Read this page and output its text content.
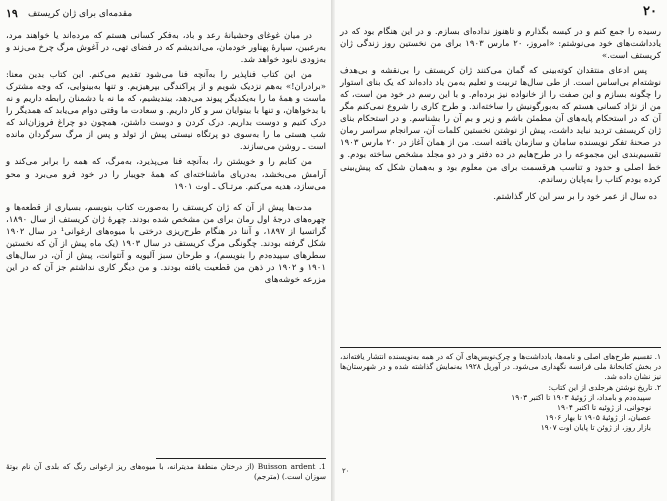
۱۹ مقدمه‌ای برای ژان کریستف

در میان غوغای وحشیانهٔ رعد و باد، به‌فکر کسانی هستم که مرده‌اند یا خواهند مرد، به‌رعبین، سپارهٔ پهناور خودمان، می‌اندیشم که در فضای تهی، در آغوش مرگ چرخ می‌زند و به‌زودی نابود خواهد شد.

من این کتاب فناپذیر را به‌آنچه فنا می‌شود تقدیم می‌کنم. این کتاب بدین معنا: «برادران!» به‌هم نزدیک شویم و از پراکندگی بپرهیزیم. و تنها به‌بینوایی، که وجه مشترک ماست و همهٔ ما را به‌یکدیگر پیوند می‌دهد، بیندیشیم، که ما نه با دشمنان رابطه داریم و نه با بدخواهان، و تنها با بینوایان سر و کار داریم. و سعادت ما وقتی دوام می‌یابد که همدیگر را درک کنیم و دوست بداریم. درک کردن و دوست داشتن، همچون دو چراغ فروزان‌اند که شب هستی ما را به‌سوی دو پرتگاه نیستی پیش از تولد و پس از مرگ سرگردان مانده است ـ روشن می‌سازند.

من کتابم را و خویشتن را، به‌آنچه فنا می‌پذیرد، به‌مرگ، که همه را برابر می‌کند و آرامش می‌بخشد، به‌دریای ماشناخته‌ای که همهٔ جویبار را در خود فرو می‌برد و محو می‌سازد، هدیه می‌کنم. مرتـاک ـ اوت ۱۹۰۱

مدت‌ها پیش از آن که ژان کریستف را به‌صورت کتاب بنویسم، بسیاری از قطعه‌ها و چهره‌های درجهٔ اول رمان برای من مشخص شده بودند. چهرهٔ ژان کریستف از سال ۱۸۹۰، گراتسیا از ۱۸۹۷، و آننا در هنگام طرح‌ریزی درختی با میوه‌های ارغوانی¹ در سال ۱۹۰۲ شکل گرفته بودند. چگونگی مرگ کریستف در سال ۱۹۰۳ (یک ماه پیش از آن که نخستین سطرهای سپیده‌دم را بنویسم)، و طرحان سبز آلیویه و آتتوانت، پیش از آن، در سال‌های ۱۹۰۱ و ۱۹۰۲ در ذهن من قطعیت یافته بودند. و من دیگر کاری نداشتم جز آن که در این مزرعه خوشه‌های

1. Buisson ardent (از درختان منطقهٔ مدیترانه، با میوه‌های ریز ارغوانی رنگ که بلدی آن نام بوتهٔ سوزان است.) (مترجم)

۲۰

رسیده را جمع کنم و در کیسه بگذارم و تاهنوز نداده‌ای بسازم. و در این هنگام بود که در یادداشت‌های خود می‌نوشتم: «امروز، ۲۰ مارس ۱۹۰۳ برای من نخستین روز زندگی ژان کریستف است.»

پس ادعای منتقدان کوته‌بینی که گمان می‌کنند ژان کریستف را بی‌نقشه و بی‌هدف نوشته‌ام بی‌اساس است. از طی سال‌ها تربیت و تعلیم به‌من یاد داده‌اند که یک بنای استوار را چگونه بسازم و این صفت را از خانواده نیز برده‌ام. و با این رسم در خود من است، که من از نژاد کسانی هستم که به‌بورگونیش را ساخته‌اند. و طرح کاری را شروع نمی‌کنم مگر آن که در استحکام پایه‌های آن مطمئن باشم و زیر و بم آن را بشناسم. و در استحکام بنای ژان کریستف تردید نباید داشت، پیش از نوشتن نخستین کلمات آن، سرانجام سراسر رمان در صحنهٔ تفکر نویسنده سامان و سازمان یافته است. من از همان آغاز در ۲۰ مارس ۱۹۰۳ تقسیم‌بندی این مجموعه را در طرح‌هایم در ده دفتر و در دو مجلد مشخص ساخته بودم. و خط اصلی و حدود و تناسب هرقسمت برای من معلوم بود و به‌همان شکل که پیش‌بینی کرده بودم کتاب را به‌پایان رساندم.

ده سال از عمر خود را بر سر این کار گذاشتم.

۱. تقسیم طرح‌های اصلی و نامه‌ها، یادداشت‌ها و چرک‌نویس‌های آن که در همه به‌نویسنده انتشار یافته‌اند، در بخش کتابخانهٔ ملی فرانسه نگهداری می‌شود. در آوریل ۱۹۲۸ به‌نمایش گذاشته شده و در شهرستان‌ها نیز نشان داده شد.

۲. تاریخ نوشتن هرجلدی از این کتاب:

سپیده‌دم و بامداد، از ژوئیهٔ ۱۹۰۳ تا اکتبر ۱۹۰۳

نوجوانی، از ژوئیه تا اکتبر ۱۹۰۴

عصیان، از ژوئیهٔ ۱۹۰۵ تا بهار ۱۹۰۶

بازار روز، از ژوئن تا پایان اوت ۱۹۰۷

۲۰
